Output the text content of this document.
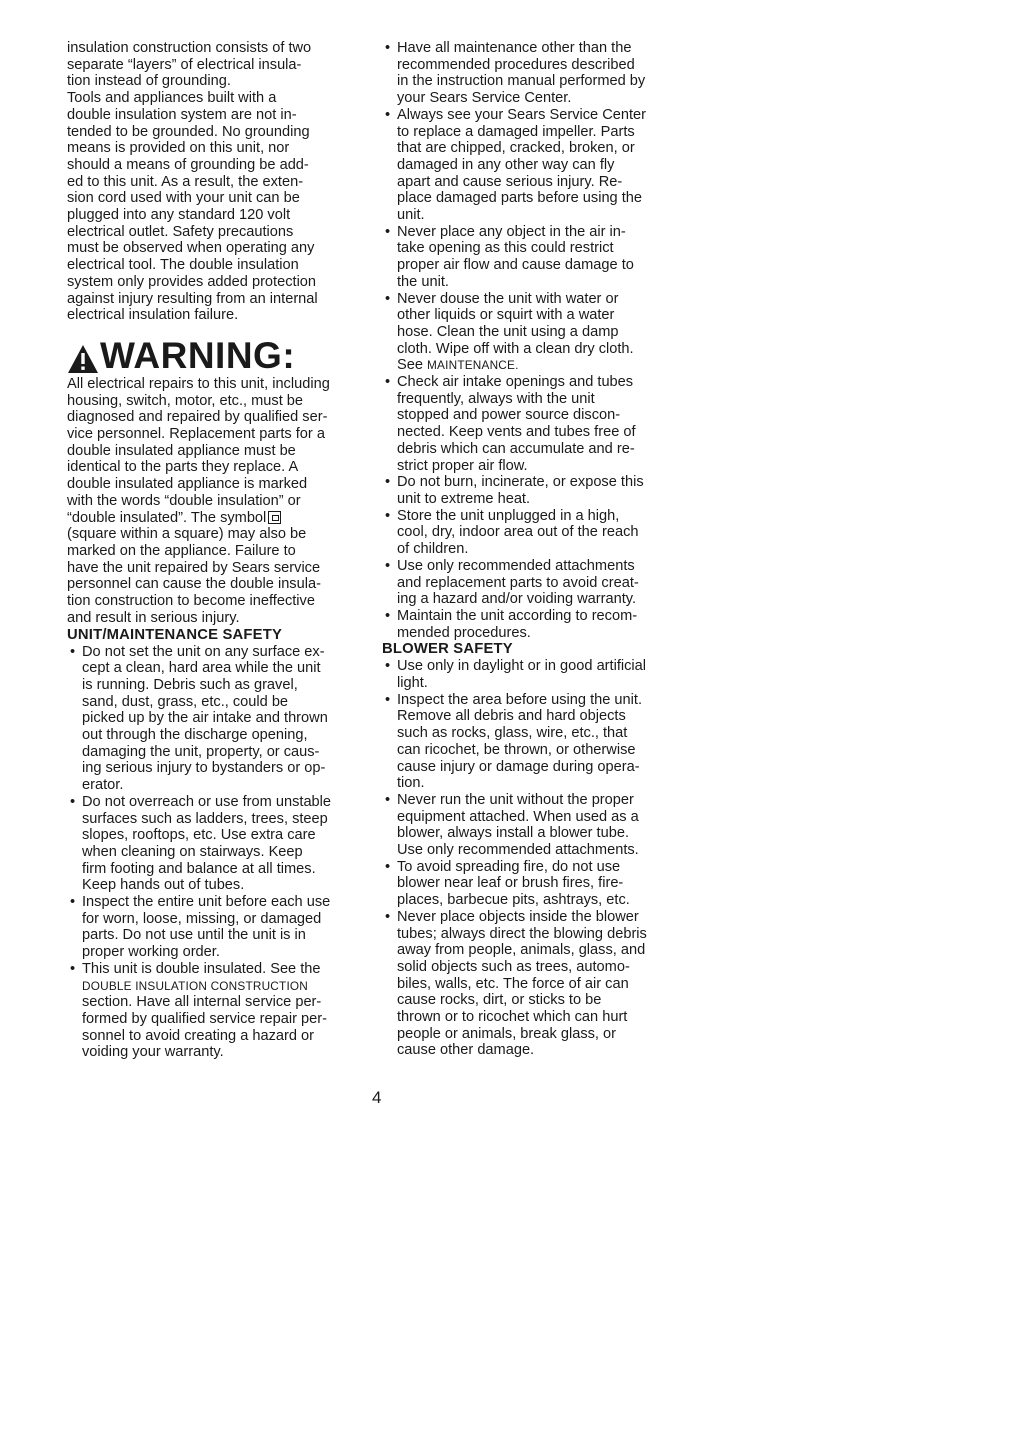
insulation construction consists of two
separate “layers” of electrical insula-
tion instead of grounding.

Tools and appliances built with a
double insulation system are not in-
tended to be grounded. No grounding
means is provided on this unit, nor
should a means of grounding be add-
ed to this unit. As a result, the exten-
sion cord used with your unit can be
plugged into any standard 120 volt
electrical outlet. Safety precautions
must be observed when operating any
electrical tool. The double insulation
system only provides added protection
against injury resulting from an internal
electrical insulation failure.

WARNING:

All electrical repairs to this unit, including
housing, switch, motor, etc., must be
diagnosed and repaired by qualified ser-
vice personnel. Replacement parts for a
double insulated appliance must be
identical to the parts they replace. A
double insulated appliance is marked
with the words “double insulation” or
“double insulated”. The symbol
(square within a square) may also be
marked on the appliance. Failure to
have the unit repaired by Sears service
personnel can cause the double insula-
tion construction to become ineffective
and result in serious injury.

UNIT/MAINTENANCE SAFETY

• Do not set the unit on any surface ex-
cept a clean, hard area while the unit
is running. Debris such as gravel,
sand, dust, grass, etc., could be
picked up by the air intake and thrown
out through the discharge opening,
damaging the unit, property, or caus-
ing serious injury to bystanders or op-
erator.
• Do not overreach or use from unstable
surfaces such as ladders, trees, steep
slopes, rooftops, etc. Use extra care
when cleaning on stairways. Keep
firm footing and balance at all times.
Keep hands out of tubes.
• Inspect the entire unit before each use
for worn, loose, missing, or damaged
parts. Do not use until the unit is in
proper working order.
• This unit is double insulated. See the
DOUBLE INSULATION CONSTRUCTION
section. Have all internal service per-
formed by qualified service repair per-
sonnel to avoid creating a hazard or
voiding your warranty.
• Have all maintenance other than the
recommended procedures described
in the instruction manual performed by
your Sears Service Center.
• Always see your Sears Service Center
to replace a damaged impeller. Parts
that are chipped, cracked, broken, or
damaged in any other way can fly
apart and cause serious injury. Re-
place damaged parts before using the
unit.
• Never place any object in the air in-
take opening as this could restrict
proper air flow and cause damage to
the unit.
• Never douse the unit with water or
other liquids or squirt with a water
hose. Clean the unit using a damp
cloth. Wipe off with a clean dry cloth.
See MAINTENANCE.
• Check air intake openings and tubes
frequently, always with the unit
stopped and power source discon-
nected. Keep vents and tubes free of
debris which can accumulate and re-
strict proper air flow.
• Do not burn, incinerate, or expose this
unit to extreme heat.
• Store the unit unplugged in a high,
cool, dry, indoor area out of the reach
of children.
• Use only recommended attachments
and replacement parts to avoid creat-
ing a hazard and/or voiding warranty.
• Maintain the unit according to recom-
mended procedures.

BLOWER SAFETY

• Use only in daylight or in good artificial
light.
• Inspect the area before using the unit.
Remove all debris and hard objects
such as rocks, glass, wire, etc., that
can ricochet, be thrown, or otherwise
cause injury or damage during opera-
tion.
• Never run the unit without the proper
equipment attached. When used as a
blower, always install a blower tube.
Use only recommended attachments.
• To avoid spreading fire, do not use
blower near leaf or brush fires, fire-
places, barbecue pits, ashtrays, etc.
• Never place objects inside the blower
tubes; always direct the blowing debris
away from people, animals, glass, and
solid objects such as trees, automo-
biles, walls, etc. The force of air can
cause rocks, dirt, or sticks to be
thrown or to ricochet which can hurt
people or animals, break glass, or
cause other damage.
4
